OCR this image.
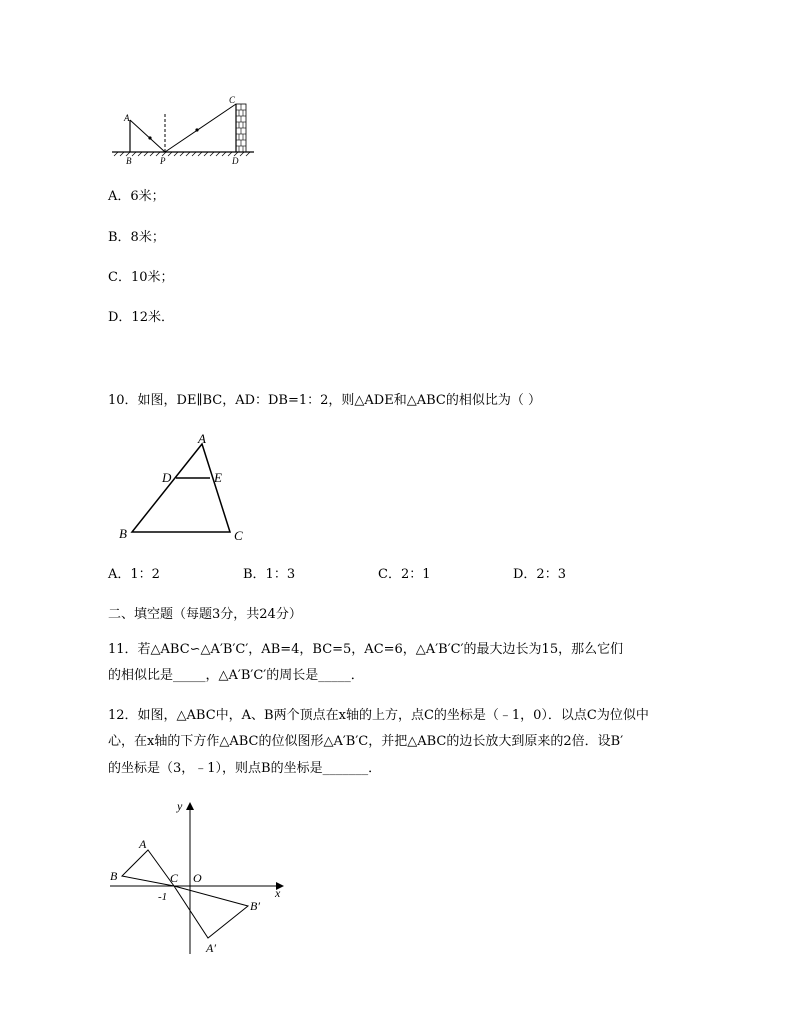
A
B	P
C
D
A．6米；
B．8米；
C．10米；
D．12米．
10．如图，DE∥BC，AD：DB=1：2，则△ADE和△ABC的相似比为（ ）
A
D	E
B	C
A．1：2	B．1：3	C．2：1	D．2：3
二、填空题（每题3分，共24分）
11．若△ABC∽△A′B′C′，AB=4，BC=5，AC=6，△A′B′C′的最大边长为15，那么它们
的相似比是_____，△A′B′C′的周长是_____．
12．如图，△ABC中，A、B两个顶点在x轴的上方，点C的坐标是（﹣1，0）．以点C为位似中
心，在x轴的下方作△ABC的位似图形△A′B′C，并把△ABC的边长放大到原来的2倍．设B′
的坐标是（3，﹣1），则点B的坐标是_______．
y
x
A
B	C O
-1
B′
A′
